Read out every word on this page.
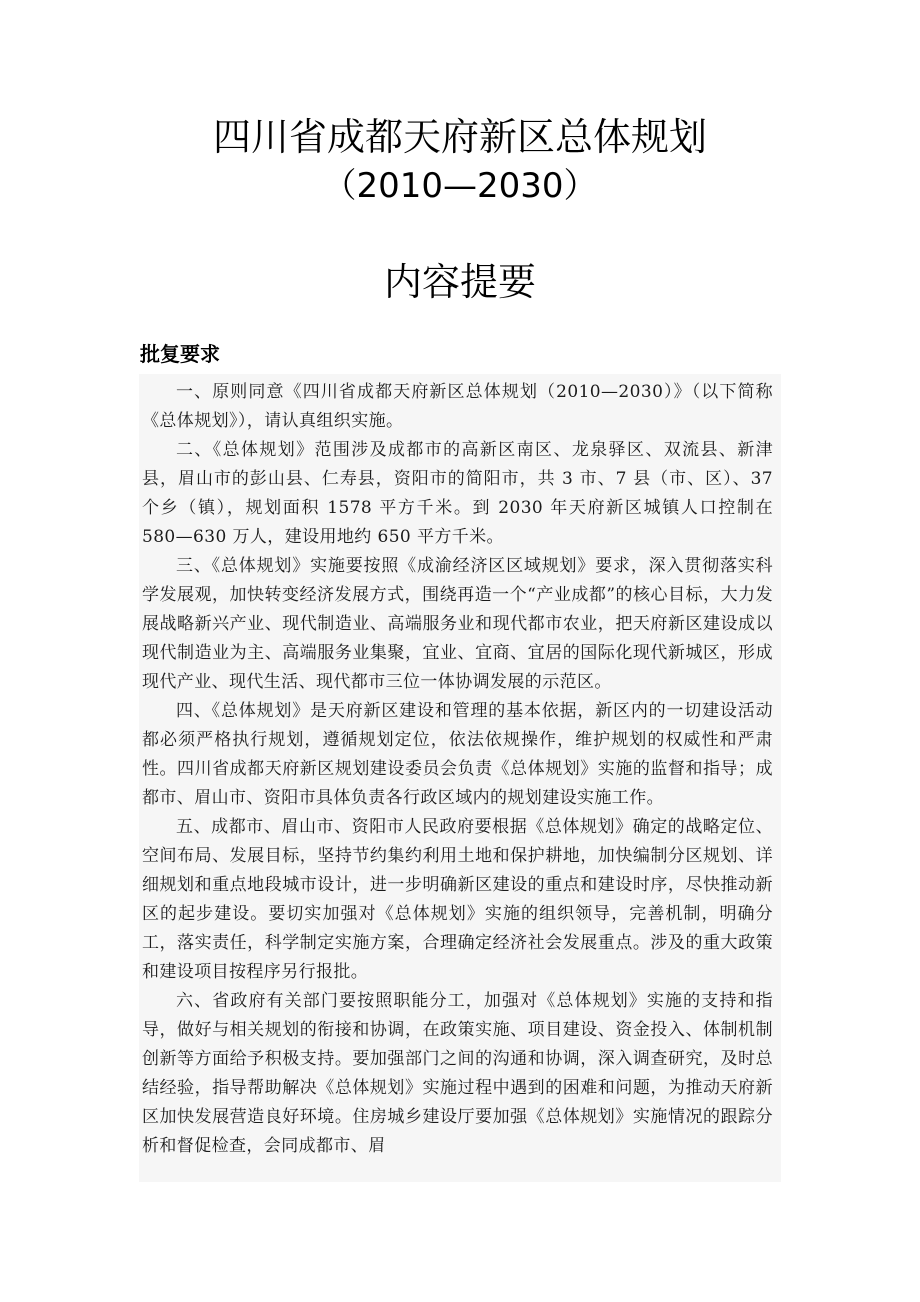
四川省成都天府新区总体规划
（2010—2030）
内容提要
批复要求

一、原则同意《四川省成都天府新区总体规划（2010—2030）》（以下简称《总体规划》），请认真组织实施。

二、《总体规划》范围涉及成都市的高新区南区、龙泉驿区、双流县、新津县，眉山市的彭山县、仁寿县，资阳市的简阳市，共 3 市、7 县（市、区）、37 个乡（镇），规划面积 1578 平方千米。到 2030 年天府新区城镇人口控制在 580—630 万人，建设用地约 650 平方千米。

三、《总体规划》实施要按照《成渝经济区区域规划》要求，深入贯彻落实科学发展观，加快转变经济发展方式，围绕再造一个“产业成都”的核心目标，大力发展战略新兴产业、现代制造业、高端服务业和现代都市农业，把天府新区建设成以现代制造业为主、高端服务业集聚，宜业、宜商、宜居的国际化现代新城区，形成现代产业、现代生活、现代都市三位一体协调发展的示范区。

四、《总体规划》是天府新区建设和管理的基本依据，新区内的一切建设活动都必须严格执行规划，遵循规划定位，依法依规操作，维护规划的权威性和严肃性。四川省成都天府新区规划建设委员会负责《总体规划》实施的监督和指导；成都市、眉山市、资阳市具体负责各行政区域内的规划建设实施工作。

五、成都市、眉山市、资阳市人民政府要根据《总体规划》确定的战略定位、空间布局、发展目标，坚持节约集约利用土地和保护耕地，加快编制分区规划、详细规划和重点地段城市设计，进一步明确新区建设的重点和建设时序，尽快推动新区的起步建设。要切实加强对《总体规划》实施的组织领导，完善机制，明确分工，落实责任，科学制定实施方案，合理确定经济社会发展重点。涉及的重大政策和建设项目按程序另行报批。

六、省政府有关部门要按照职能分工，加强对《总体规划》实施的支持和指导，做好与相关规划的衔接和协调，在政策实施、项目建设、资金投入、体制机制创新等方面给予积极支持。要加强部门之间的沟通和协调，深入调查研究，及时总结经验，指导帮助解决《总体规划》实施过程中遇到的困难和问题，为推动天府新区加快发展营造良好环境。住房城乡建设厅要加强《总体规划》实施情况的跟踪分析和督促检查，会同成都市、眉
